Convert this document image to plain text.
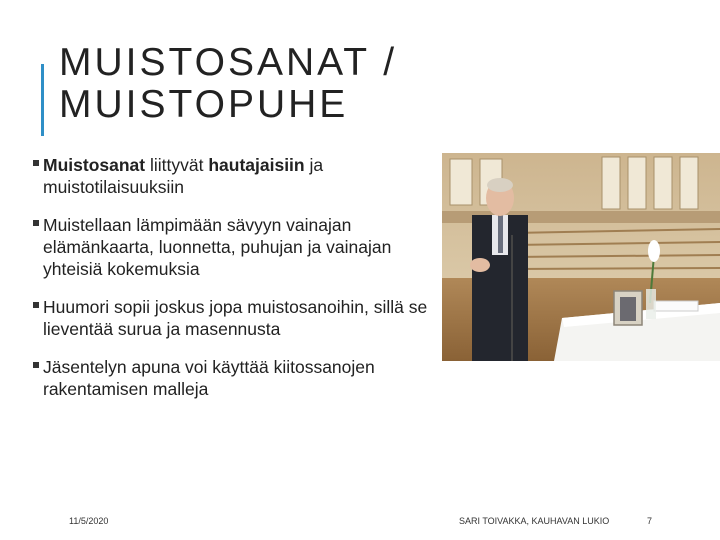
MUISTOSANAT /
MUISTOPUHE
Muistosanat liittyvät hautajaisiin ja muistotilaisuuksiin
Muistellaan lämpimään sävyyn vainajan elämänkaarta, luonnetta, puhujan ja vainajan yhteisiä kokemuksia
Huumori sopii joskus jopa muistosanoihin, sillä se lieventää surua ja masennusta
Jäsentelyn apuna voi käyttää kiitossanojen rakentamisen malleja
11/5/2020	SARI TOIVAKKA, KAUHAVAN LUKIO	7
